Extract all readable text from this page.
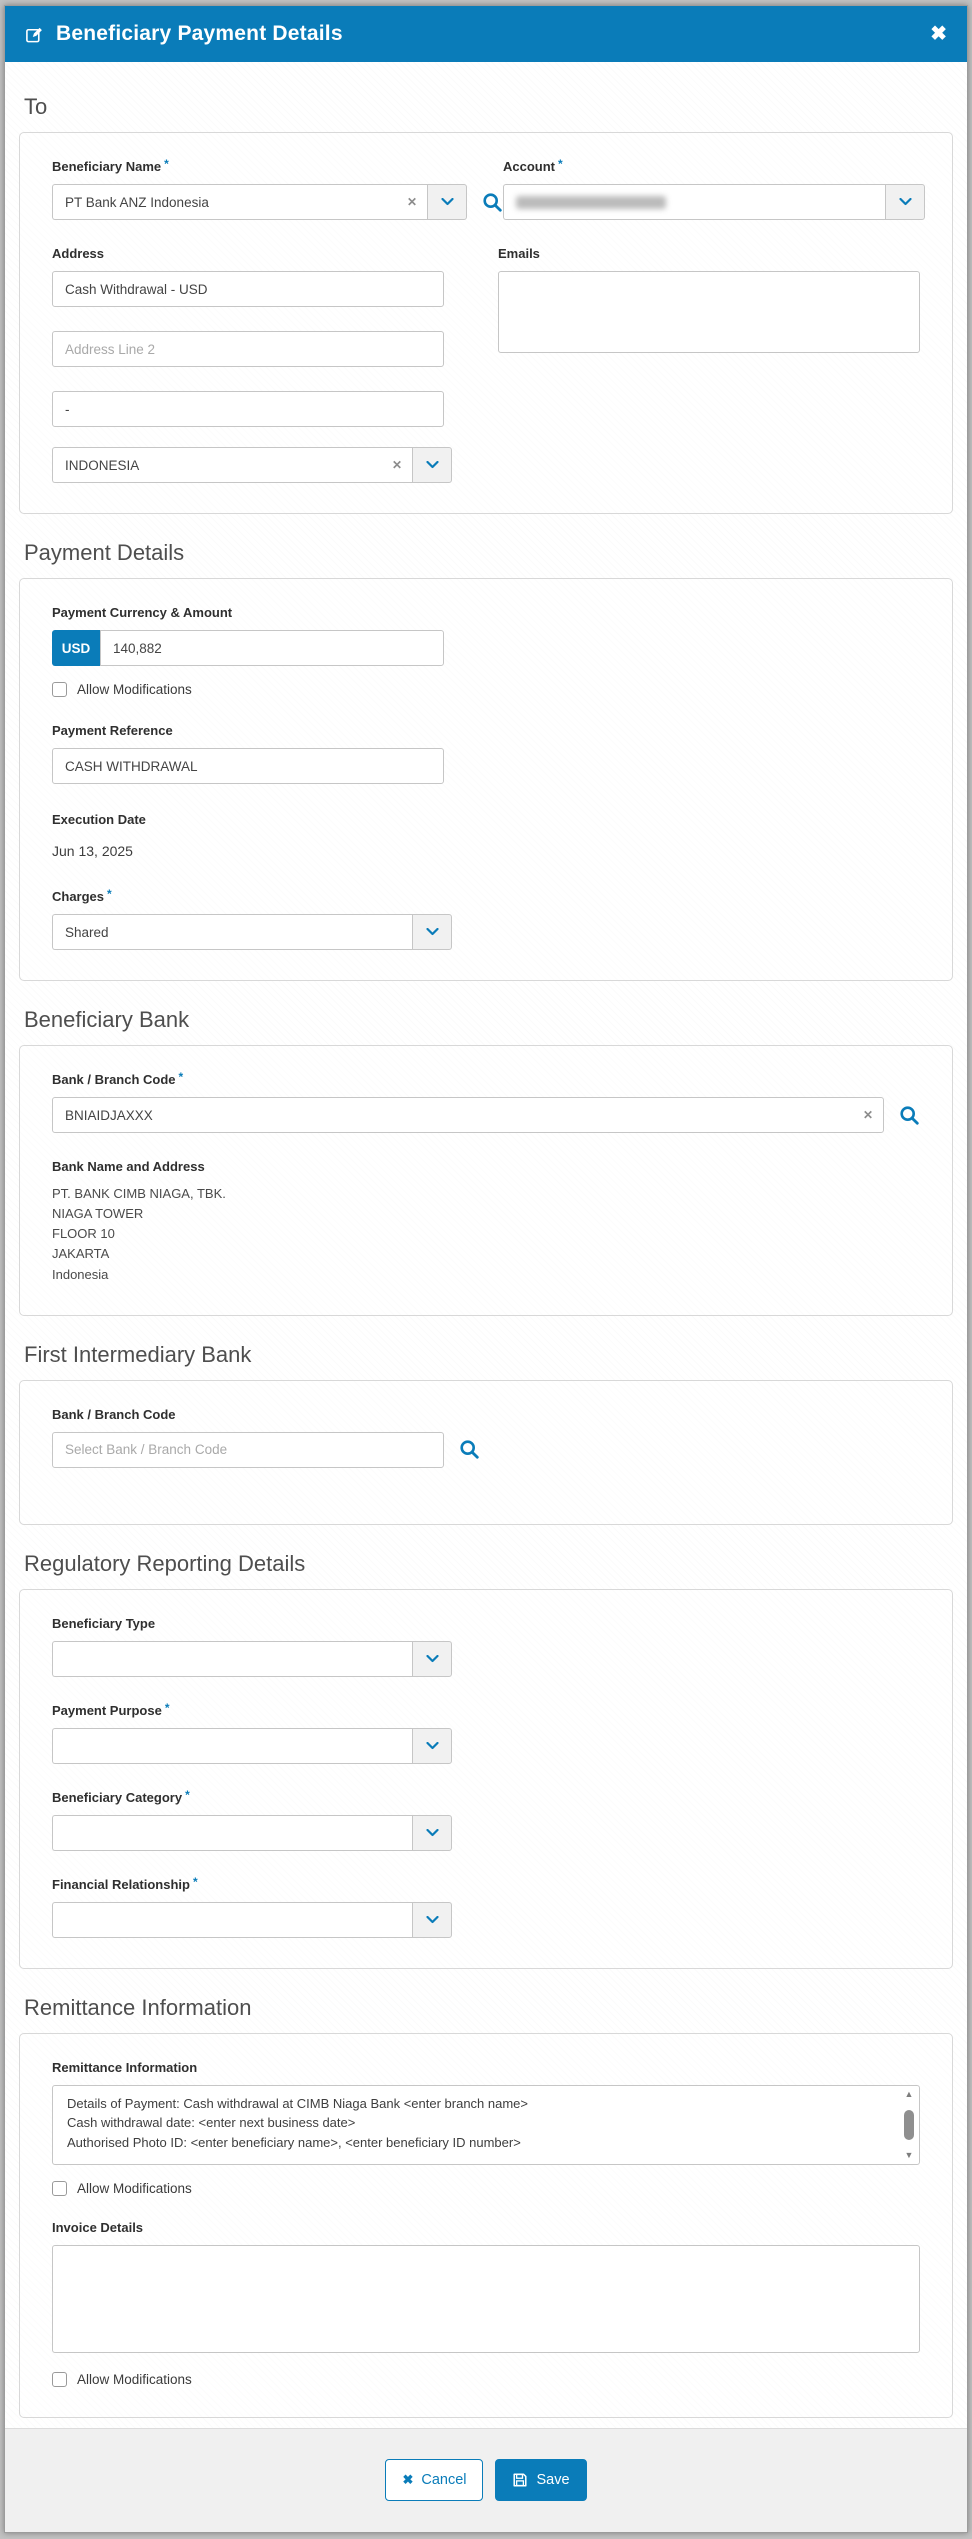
Beneficiary Payment Details	✖
To
Beneficiary Name *
PT Bank ANZ Indonesia	✕
Account *
Address
Cash Withdrawal - USD
Address Line 2
-
INDONESIA	✕
Emails
Payment Details
Payment Currency & Amount
USD
140,882
Allow Modifications
Payment Reference
CASH WITHDRAWAL
Execution Date
Jun 13, 2025
Charges *
Shared
Beneficiary Bank
Bank / Branch Code *
BNIAIDJAXXX	✕
Bank Name and Address
PT. BANK CIMB NIAGA, TBK.
NIAGA TOWER
FLOOR 10
JAKARTA
Indonesia
First Intermediary Bank
Bank / Branch Code
Select Bank / Branch Code
Regulatory Reporting Details
Beneficiary Type
Payment Purpose *
Beneficiary Category *
Financial Relationship *
Remittance Information
Remittance Information
Details of Payment: Cash withdrawal at CIMB Niaga Bank <enter branch name>
Cash withdrawal date: <enter next business date>
Authorised Photo ID: <enter beneficiary name>, <enter beneficiary ID number>
▲
▼
Allow Modifications
Invoice Details
Allow Modifications
✖ Cancel	Save
